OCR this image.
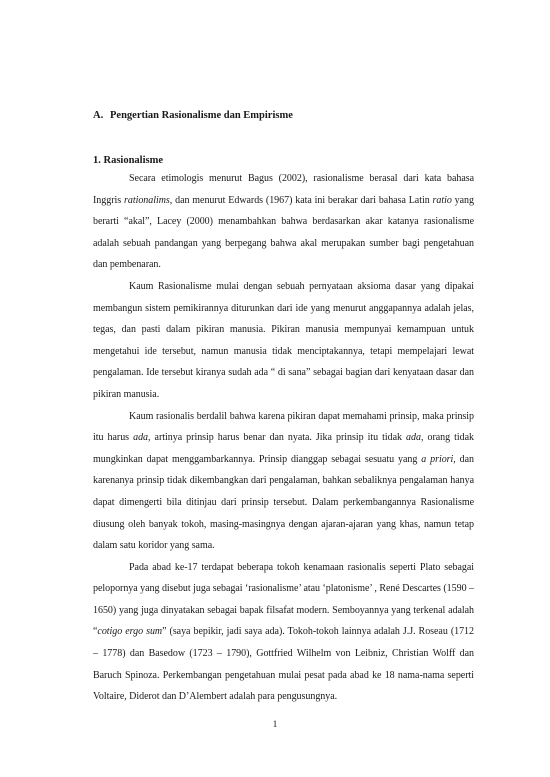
A. Pengertian Rasionalisme dan Empirisme
1. Rasionalisme

Secara etimologis menurut Bagus (2002), rasionalisme berasal dari kata bahasa Inggris rationalims, dan menurut Edwards (1967) kata ini berakar dari bahasa Latin ratio yang berarti “akal”, Lacey (2000) menambahkan bahwa berdasarkan akar katanya rasionalisme adalah sebuah pandangan yang berpegang bahwa akal merupakan sumber bagi pengetahuan dan pembenaran.

Kaum Rasionalisme mulai dengan sebuah pernyataan aksioma dasar yang dipakai membangun sistem pemikirannya diturunkan dari ide yang menurut anggapannya adalah jelas, tegas, dan pasti dalam pikiran manusia. Pikiran manusia mempunyai kemampuan untuk mengetahui ide tersebut, namun manusia tidak menciptakannya, tetapi mempelajari lewat pengalaman. Ide tersebut kiranya sudah ada “ di sana” sebagai bagian dari kenyataan dasar dan pikiran manusia.

Kaum rasionalis berdalil bahwa karena pikiran dapat memahami prinsip, maka prinsip itu harus ada, artinya prinsip harus benar dan nyata. Jika prinsip itu tidak ada, orang tidak mungkinkan dapat menggambarkannya. Prinsip dianggap sebagai sesuatu yang a priori, dan karenanya prinsip tidak dikembangkan dari pengalaman, bahkan sebaliknya pengalaman hanya dapat dimengerti bila ditinjau dari prinsip tersebut. Dalam perkembangannya Rasionalisme diusung oleh banyak tokoh, masing-masingnya dengan ajaran-ajaran yang khas, namun tetap dalam satu koridor yang sama.

Pada abad ke-17 terdapat beberapa tokoh kenamaan rasionalis seperti Plato sebagai pelopornya yang disebut juga sebagai ‘rasionalisme’ atau ‘platonisme’ , René Descartes (1590 – 1650) yang juga dinyatakan sebagai bapak filsafat modern. Semboyannya yang terkenal adalah “cotigo ergo sum” (saya bepikir, jadi saya ada). Tokoh-tokoh lainnya adalah J.J. Roseau (1712 – 1778) dan Basedow (1723 – 1790), Gottfried Wilhelm von Leibniz, Christian Wolff dan Baruch Spinoza. Perkembangan pengetahuan mulai pesat pada abad ke 18 nama-nama seperti Voltaire, Diderot dan D’Alembert adalah para pengusungnya.

1
